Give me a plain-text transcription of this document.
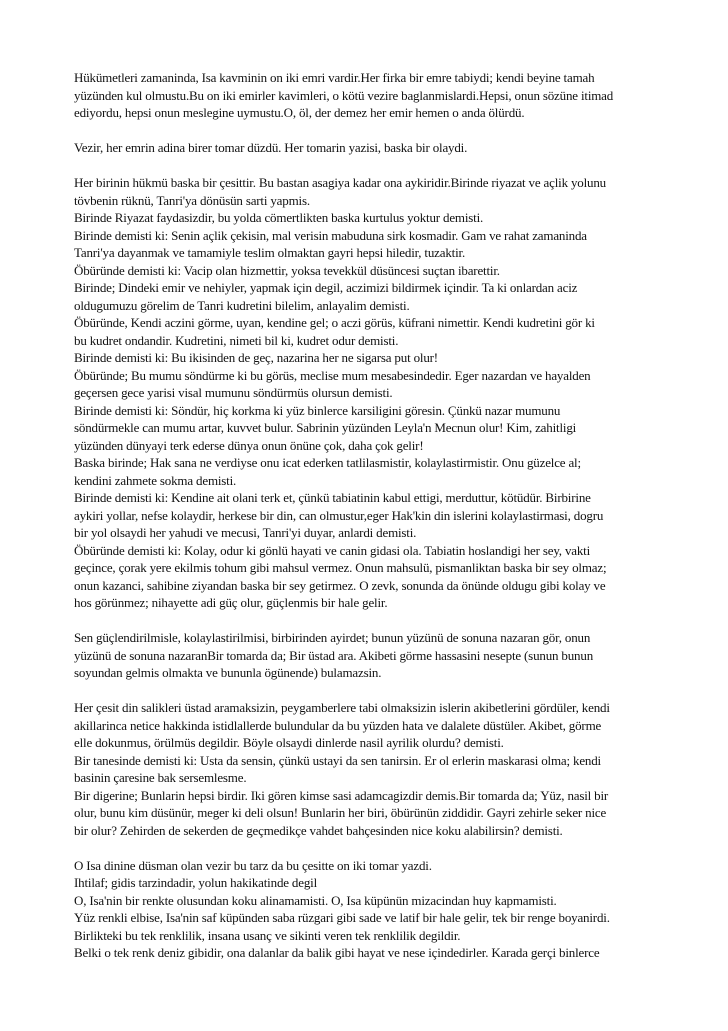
Hükümetleri zamaninda, Isa kavminin on iki emri vardir.Her firka bir emre tabiydi; kendi beyine tamah
yüzünden kul olmustu.Bu on iki emirler kavimleri, o kötü vezire baglanmislardi.Hepsi, onun sözüne itimad
ediyordu, hepsi onun meslegine uymustu.O, öl, der demez her emir hemen o anda ölürdü.

Vezir, her emrin adina birer tomar düzdü. Her tomarin yazisi, baska bir olaydi.

Her birinin hükmü baska bir çesittir. Bu bastan asagiya kadar ona aykiridir.Birinde riyazat ve açlik yolunu
tövbenin rüknü, Tanri'ya dönüsün sarti yapmis.
Birinde Riyazat faydasizdir, bu yolda cömertlikten baska kurtulus yoktur demisti.
Birinde demisti ki: Senin açlik çekisin, mal verisin mabuduna sirk kosmadir. Gam ve rahat zamaninda
Tanri'ya dayanmak ve tamamiyle teslim olmaktan gayri hepsi hiledir, tuzaktir.
Öbüründe demisti ki: Vacip olan hizmettir, yoksa tevekkül düsüncesi suçtan ibarettir.
Birinde; Dindeki emir ve nehiyler, yapmak için degil, aczimizi bildirmek içindir. Ta ki onlardan aciz
oldugumuzu görelim de Tanri kudretini bilelim, anlayalim demisti.
Öbüründe, Kendi aczini görme, uyan, kendine gel; o aczi görüs, küfrani nimettir. Kendi kudretini gör ki
bu kudret ondandir. Kudretini, nimeti bil ki, kudret odur demisti.
Birinde demisti ki: Bu ikisinden de geç, nazarina her ne sigarsa put olur!
Öbüründe; Bu mumu söndürme ki bu görüs, meclise mum mesabesindedir. Eger nazardan ve hayalden
geçersen gece yarisi visal mumunu söndürmüs olursun demisti.
Birinde demisti ki: Söndür, hiç korkma ki yüz binlerce karsiligini göresin. Çünkü nazar mumunu
söndürmekle can mumu artar, kuvvet bulur. Sabrinin yüzünden Leyla'n Mecnun olur! Kim, zahitligi
yüzünden dünyayi terk ederse dünya onun önüne çok, daha çok gelir!
Baska birinde; Hak sana ne verdiyse onu icat ederken tatlilasmistir, kolaylastirmistir. Onu güzelce al;
kendini zahmete sokma demisti.
Birinde demisti ki: Kendine ait olani terk et, çünkü tabiatinin kabul ettigi, merduttur, kötüdür. Birbirine
aykiri yollar, nefse kolaydir, herkese bir din, can olmustur,eger Hak'kin din islerini kolaylastirmasi, dogru
bir yol olsaydi her yahudi ve mecusi, Tanri'yi duyar, anlardi demisti.
Öbüründe demisti ki: Kolay, odur ki gönlü hayati ve canin gidasi ola. Tabiatin hoslandigi her sey, vakti
geçince, çorak yere ekilmis tohum gibi mahsul vermez. Onun mahsulü, pismanliktan baska bir sey olmaz;
onun kazanci, sahibine ziyandan baska bir sey getirmez. O zevk, sonunda da önünde oldugu gibi kolay ve
hos görünmez; nihayette adi güç olur, güçlenmis bir hale gelir.

Sen güçlendirilmisle, kolaylastirilmisi, birbirinden ayirdet; bunun yüzünü de sonuna nazaran gör, onun
yüzünü de sonuna nazaranBir tomarda da; Bir üstad ara. Akibeti görme hassasini nesepte (sunun bunun
soyundan gelmis olmakta ve bununla ögünende) bulamazsin.

Her çesit din salikleri üstad aramaksizin, peygamberlere tabi olmaksizin islerin akibetlerini gördüler, kendi
akillarinca netice hakkinda istidlallerde bulundular da bu yüzden hata ve dalalete düstüler. Akibet, görme
elle dokunmus, örülmüs degildir. Böyle olsaydi dinlerde nasil ayrilik olurdu? demisti.
Bir tanesinde demisti ki: Usta da sensin, çünkü ustayi da sen tanirsin. Er ol erlerin maskarasi olma; kendi
basinin çaresine bak sersemlesme.
Bir digerine; Bunlarin hepsi birdir. Iki gören kimse sasi adamcagizdir demis.Bir tomarda da; Yüz, nasil bir
olur, bunu kim düsünür, meger ki deli olsun! Bunlarin her biri, öbürünün ziddidir. Gayri zehirle seker nice
bir olur? Zehirden de sekerden de geçmedikçe vahdet bahçesinden nice koku alabilirsin? demisti.

O Isa dinine düsman olan vezir bu tarz da bu çesitte on iki tomar yazdi.
Ihtilaf; gidis tarzindadir, yolun hakikatinde degil
O, Isa'nin bir renkte olusundan koku alinamamisti. O, Isa küpünün mizacindan huy kapmamisti.
Yüz renkli elbise, Isa'nin saf küpünden saba rüzgari gibi sade ve latif bir hale gelir, tek bir renge boyanirdi.
Birlikteki bu tek renklilik, insana usanç ve sikinti veren tek renklilik degildir.
Belki o tek renk deniz gibidir, ona dalanlar da balik gibi hayat ve nese içindedirler. Karada gerçi binlerce
